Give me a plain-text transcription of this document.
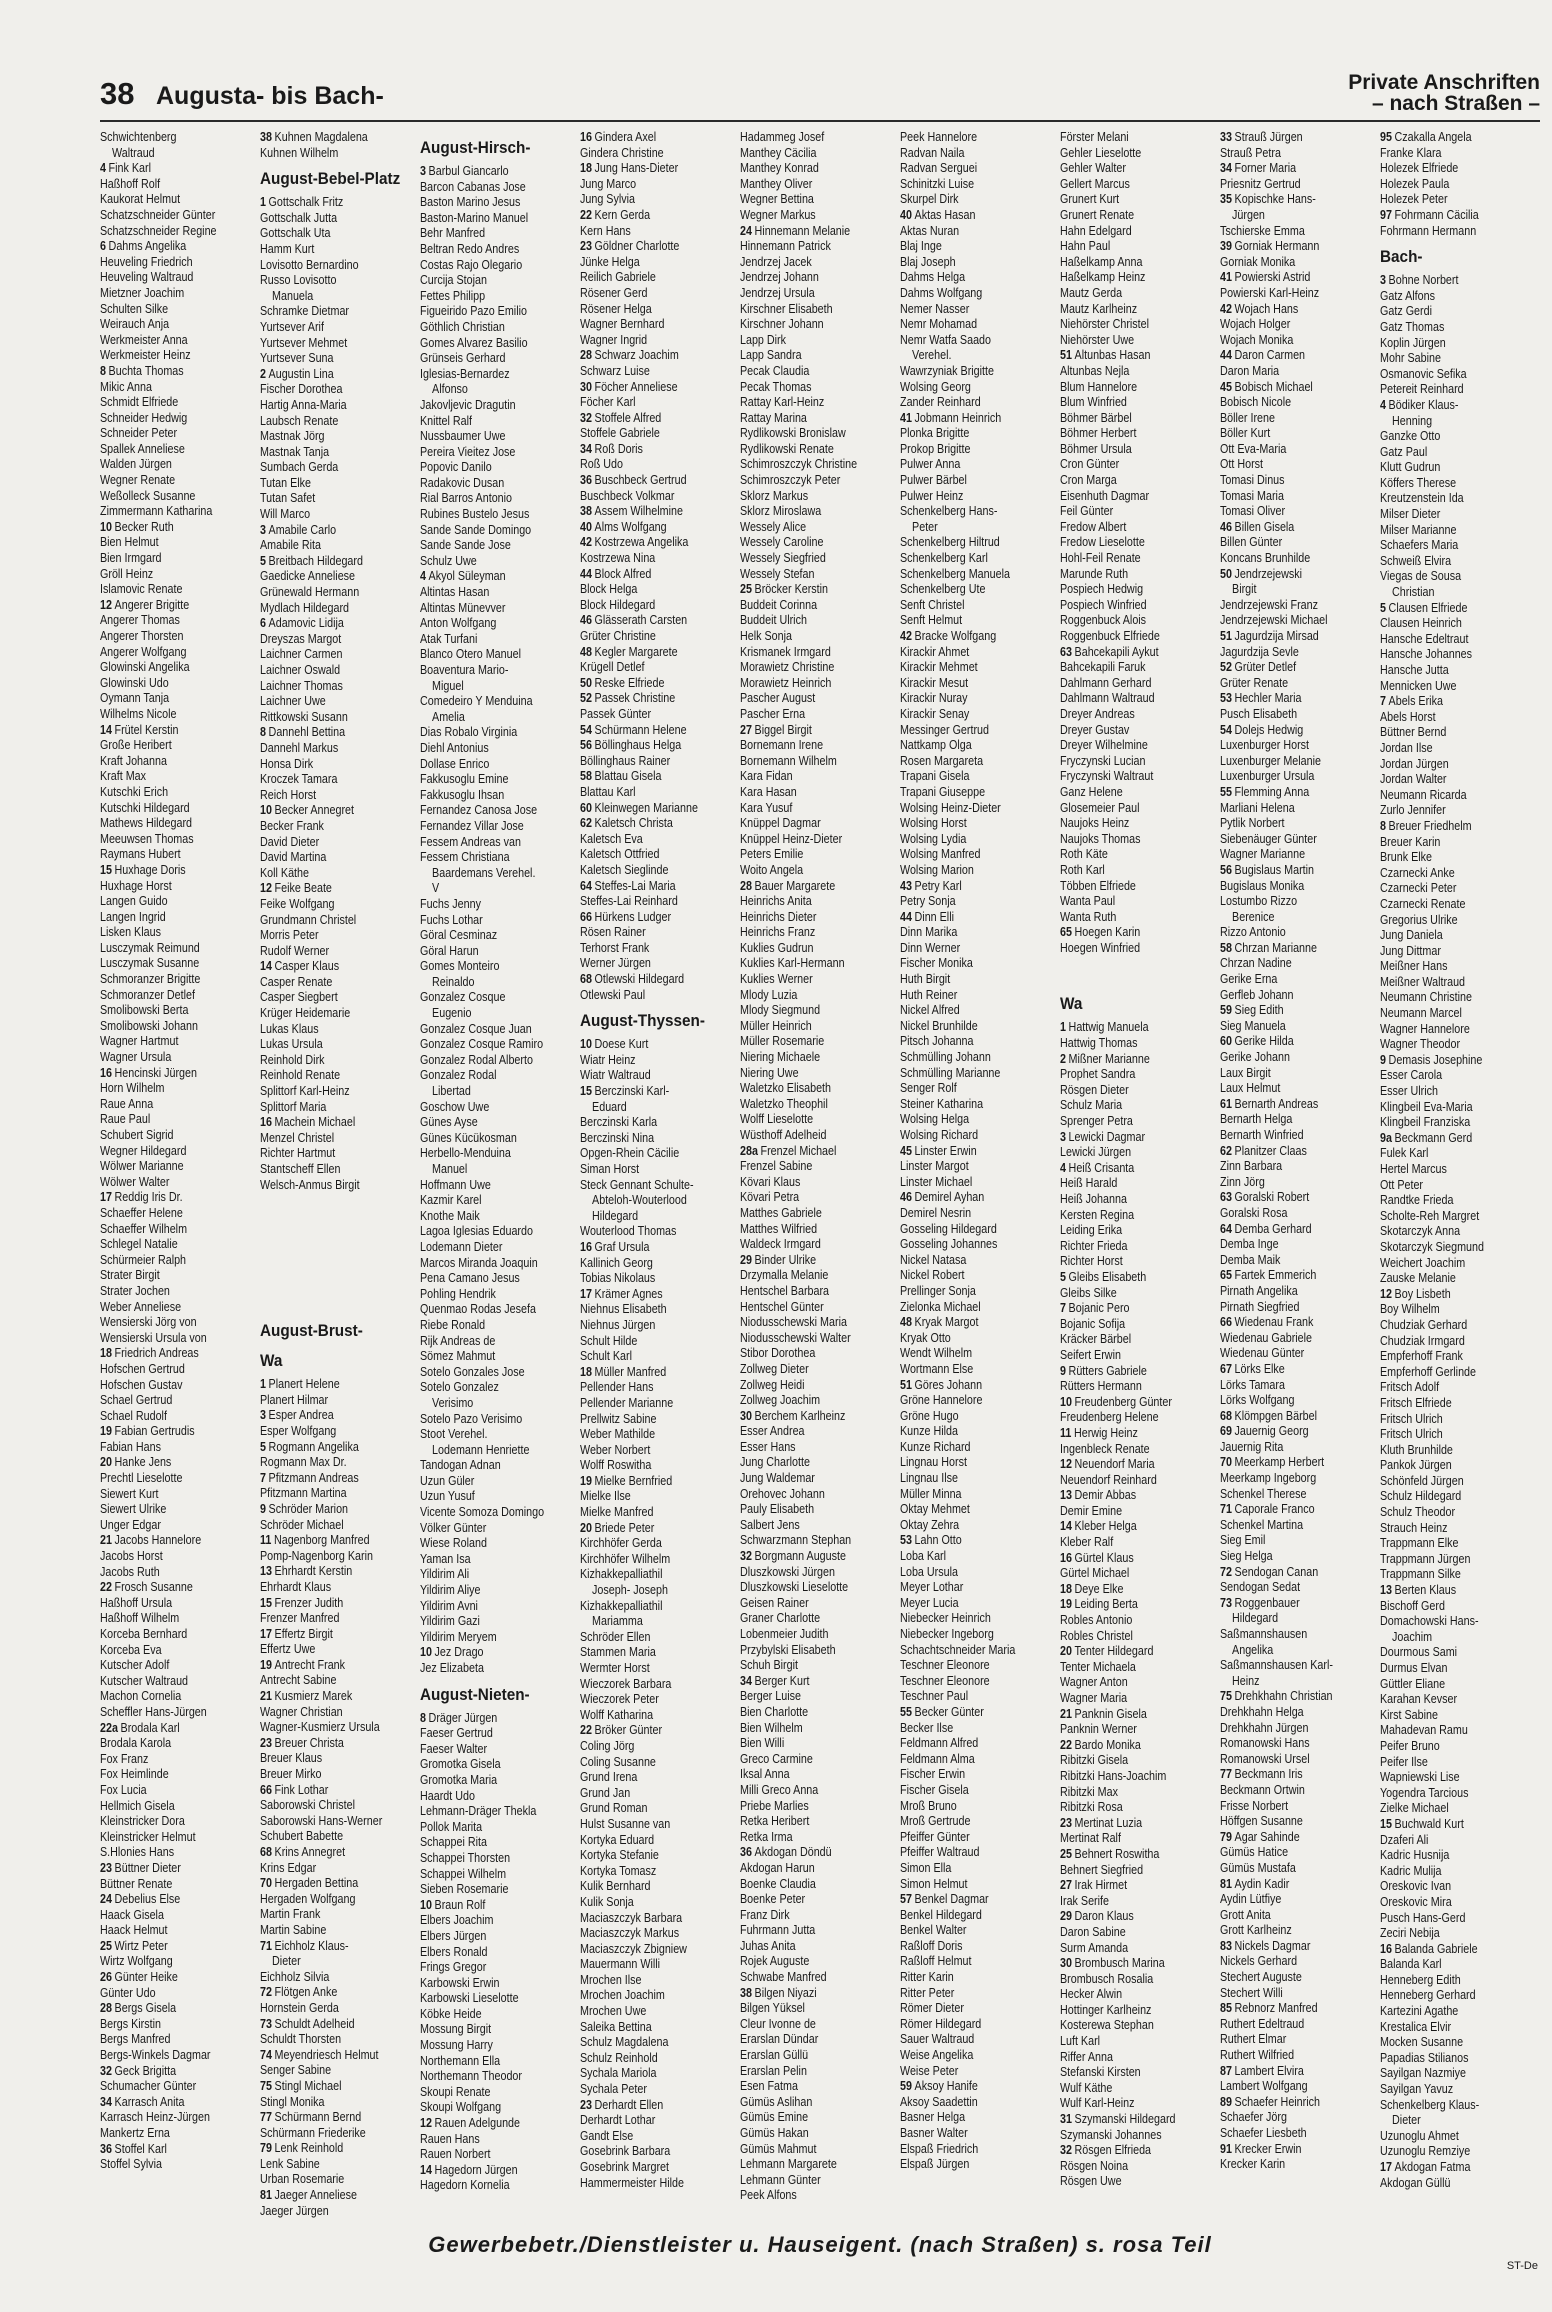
38 Augusta- bis Bach-	Private Anschriften
– nach Straßen –
Schwichtenberg
Waltraud
4 Fink Karl
Haßhoff Rolf
Kaukorat Helmut
Schatzschneider Günter
Schatzschneider Regine
6 Dahms Angelika
Heuveling Friedrich
Heuveling Waltraud
Mietzner Joachim
Schulten Silke
Weirauch Anja
Werkmeister Anna
Werkmeister Heinz
8 Buchta Thomas
Mikic Anna
Schmidt Elfriede
Schneider Hedwig
Schneider Peter
Spallek Anneliese
Walden Jürgen
Wegner Renate
Weßolleck Susanne
Zimmermann Katharina
10 Becker Ruth
Bien Helmut
Bien Irmgard
Gröll Heinz
Islamovic Renate
12 Angerer Brigitte
Angerer Thomas
Angerer Thorsten
Angerer Wolfgang
Glowinski Angelika
Glowinski Udo
Oymann Tanja
Wilhelms Nicole
14 Frütel Kerstin
Große Heribert
Kraft Johanna
Kraft Max
Kutschki Erich
Kutschki Hildegard
Mathews Hildegard
Meeuwsen Thomas
Raymans Hubert
15 Huxhage Doris
Huxhage Horst
Langen Guido
Langen Ingrid
Lisken Klaus
Lusczymak Reimund
Lusczymak Susanne
Schmoranzer Brigitte
Schmoranzer Detlef
Smolibowski Berta
Smolibowski Johann
Wagner Hartmut
Wagner Ursula
16 Hencinski Jürgen
Horn Wilhelm
Raue Anna
Raue Paul
Schubert Sigrid
Wegner Hildegard
Wölwer Marianne
Wölwer Walter
17 Reddig Iris Dr.
Schaeffer Helene
Schaeffer Wilhelm
Schlegel Natalie
Schürmeier Ralph
Strater Birgit
Strater Jochen
Weber Anneliese
Wensierski Jörg von
Wensierski Ursula von
18 Friedrich Andreas
Hofschen Gertrud
Hofschen Gustav
Schael Gertrud
Schael Rudolf
19 Fabian Gertrudis
Fabian Hans
20 Hanke Jens
Prechtl Lieselotte
Siewert Kurt
Siewert Ulrike
Unger Edgar
21 Jacobs Hannelore
Jacobs Horst
Jacobs Ruth
22 Frosch Susanne
Haßhoff Ursula
Haßhoff Wilhelm
Korceba Bernhard
Korceba Eva
Kutscher Adolf
Kutscher Waltraud
Machon Cornelia
Scheffler Hans-Jürgen
22a Brodala Karl
Brodala Karola
Fox Franz
Fox Heimlinde
Fox Lucia
Hellmich Gisela
Kleinstricker Dora
Kleinstricker Helmut
S.Hlonies Hans
23 Büttner Dieter
Büttner Renate
24 Debelius Else
Haack Gisela
Haack Helmut
25 Wirtz Peter
Wirtz Wolfgang
26 Günter Heike
Günter Udo
28 Bergs Gisela
Bergs Kirstin
Bergs Manfred
Bergs-Winkels Dagmar
32 Geck Brigitta
Schumacher Günter
34 Karrasch Anita
Karrasch Heinz-Jürgen
Mankertz Erna
36 Stoffel Karl
Stoffel Sylvia
38 Kuhnen Magdalena
Kuhnen Wilhelm
August-Bebel-Platz
1 Gottschalk Fritz
Gottschalk Jutta
Gottschalk Uta
Hamm Kurt
Lovisotto Bernardino
Russo Lovisotto
Manuela
Schramke Dietmar
Yurtsever Arif
Yurtsever Mehmet
Yurtsever Suna
2 Augustin Lina
Fischer Dorothea
Hartig Anna-Maria
Laubsch Renate
Mastnak Jörg
Mastnak Tanja
Sumbach Gerda
Tutan Elke
Tutan Safet
Will Marco
3 Amabile Carlo
Amabile Rita
5 Breitbach Hildegard
Gaedicke Anneliese
Grünewald Hermann
Mydlach Hildegard
6 Adamovic Lidija
Dreyszas Margot
Laichner Carmen
Laichner Oswald
Laichner Thomas
Laichner Uwe
Rittkowski Susann
8 Dannehl Bettina
Dannehl Markus
Honsa Dirk
Kroczek Tamara
Reich Horst
10 Becker Annegret
Becker Frank
David Dieter
David Martina
Koll Käthe
12 Feike Beate
Feike Wolfgang
Grundmann Christel
Morris Peter
Rudolf Werner
14 Casper Klaus
Casper Renate
Casper Siegbert
Krüger Heidemarie
Lukas Klaus
Lukas Ursula
Reinhold Dirk
Reinhold Renate
Splittorf Karl-Heinz
Splittorf Maria
16 Machein Michael
Menzel Christel
Richter Hartmut
Stantscheff Ellen
Welsch-Anmus Birgit

August-Brust-
Wa
1 Planert Helene
Planert Hilmar
3 Esper Andrea
Esper Wolfgang
5 Rogmann Angelika
Rogmann Max Dr.
7 Pfitzmann Andreas
Pfitzmann Martina
9 Schröder Marion
Schröder Michael
11 Nagenborg Manfred
Pomp-Nagenborg Karin
13 Ehrhardt Kerstin
Ehrhardt Klaus
15 Frenzer Judith
Frenzer Manfred
17 Effertz Birgit
Effertz Uwe
19 Antrecht Frank
Antrecht Sabine
21 Kusmierz Marek
Wagner Christian
Wagner-Kusmierz Ursula
23 Breuer Christa
Breuer Klaus
Breuer Mirko
66 Fink Lothar
Saborowski Christel
Saborowski Hans-Werner
Schubert Babette
68 Krins Annegret
Krins Edgar
70 Hergaden Bettina
Hergaden Wolfgang
Martin Frank
Martin Sabine
71 Eichholz Klaus-
Dieter
Eichholz Silvia
72 Flötgen Anke
Hornstein Gerda
73 Schuldt Adelheid
Schuldt Thorsten
74 Meyendriesch Helmut
Senger Sabine
75 Stingl Michael
Stingl Monika
77 Schürmann Bernd
Schürmann Friederike
79 Lenk Reinhold
Lenk Sabine
Urban Rosemarie
81 Jaeger Anneliese
Jaeger Jürgen
August-Hirsch-
3 Barbul Giancarlo
Barcon Cabanas Jose
Baston Marino Jesus
Baston-Marino Manuel
Behr Manfred
Beltran Redo Andres
Costas Rajo Olegario
Curcija Stojan
Fettes Philipp
Figueirido Pazo Emilio
Göthlich Christian
Gomes Alvarez Basilio
Grünseis Gerhard
Iglesias-Bernardez
Alfonso
Jakovljevic Dragutin
Knittel Ralf
Nussbaumer Uwe
Pereira Vieitez Jose
Popovic Danilo
Radakovic Dusan
Rial Barros Antonio
Rubines Bustelo Jesus
Sande Sande Domingo
Sande Sande Jose
Schulz Uwe
4 Akyol Süleyman
Altintas Hasan
Altintas Münevver
Anton Wolfgang
Atak Turfani
Blanco Otero Manuel
Boaventura Mario-
Miguel
Comedeiro Y Menduina
Amelia
Dias Robalo Virginia
Diehl Antonius
Dollase Enrico
Fakkusoglu Emine
Fakkusoglu Ihsan
Fernandez Canosa Jose
Fernandez Villar Jose
Fessem Andreas van
Fessem Christiana
Baardemans Verehel.
V
Fuchs Jenny
Fuchs Lothar
Göral Cesminaz
Göral Harun
Gomes Monteiro
Reinaldo
Gonzalez Cosque
Eugenio
Gonzalez Cosque Juan
Gonzalez Cosque Ramiro
Gonzalez Rodal Alberto
Gonzalez Rodal
Libertad
Goschow Uwe
Günes Ayse
Günes Kücükosman
Herbello-Menduina
Manuel
Hoffmann Uwe
Kazmir Karel
Knothe Maik
Lagoa Iglesias Eduardo
Lodemann Dieter
Marcos Miranda Joaquin
Pena Camano Jesus
Pohling Hendrik
Quenmao Rodas Jesefa
Riebe Ronald
Rijk Andreas de
Sömez Mahmut
Sotelo Gonzales Jose
Sotelo Gonzalez
Verisimo
Sotelo Pazo Verisimo
Stoot Verehel.
Lodemann Henriette
Tandogan Adnan
Uzun Güler
Uzun Yusuf
Vicente Somoza Domingo
Völker Günter
Wiese Roland
Yaman Isa
Yildirim Ali
Yildirim Aliye
Yildirim Avni
Yildirim Gazi
Yildirim Meryem
10 Jez Drago
Jez Elizabeta
August-Nieten-
8 Dräger Jürgen
Faeser Gertrud
Faeser Walter
Gromotka Gisela
Gromotka Maria
Haardt Udo
Lehmann-Dräger Thekla
Pollok Marita
Schappei Rita
Schappei Thorsten
Schappei Wilhelm
Sieben Rosemarie
10 Braun Rolf
Elbers Joachim
Elbers Jürgen
Elbers Ronald
Frings Gregor
Karbowski Erwin
Karbowski Lieselotte
Köbke Heide
Mossung Birgit
Mossung Harry
Northemann Ella
Northemann Theodor
Skoupi Renate
Skoupi Wolfgang
12 Rauen Adelgunde
Rauen Hans
Rauen Norbert
14 Hagedorn Jürgen
Hagedorn Kornelia
16 Gindera Axel
Gindera Christine
18 Jung Hans-Dieter
Jung Marco
Jung Sylvia
22 Kern Gerda
Kern Hans
23 Göldner Charlotte
Jünke Helga
Reilich Gabriele
Rösener Gerd
Rösener Helga
Wagner Bernhard
Wagner Ingrid
28 Schwarz Joachim
Schwarz Luise
30 Föcher Anneliese
Föcher Karl
32 Stoffele Alfred
Stoffele Gabriele
34 Roß Doris
Roß Udo
36 Buschbeck Gertrud
Buschbeck Volkmar
38 Assem Wilhelmine
40 Alms Wolfgang
42 Kostrzewa Angelika
Kostrzewa Nina
44 Block Alfred
Block Helga
Block Hildegard
46 Glässerath Carsten
Grüter Christine
48 Kegler Margarete
Krügell Detlef
50 Reske Elfriede
52 Passek Christine
Passek Günter
54 Schürmann Helene
56 Böllinghaus Helga
Böllinghaus Rainer
58 Blattau Gisela
Blattau Karl
60 Kleinwegen Marianne
62 Kaletsch Christa
Kaletsch Eva
Kaletsch Ottfried
Kaletsch Sieglinde
64 Steffes-Lai Maria
Steffes-Lai Reinhard
66 Hürkens Ludger
Rösen Rainer
Terhorst Frank
Werner Jürgen
68 Otlewski Hildegard
Otlewski Paul
August-Thyssen-
10 Doese Kurt
Wiatr Heinz
Wiatr Waltraud
15 Berczinski Karl-
Eduard
Berczinski Karla
Berczinski Nina
Opgen-Rhein Cäcilie
Siman Horst
Steck Gennant Schulte-
Abteloh-Wouterlood
Hildegard
Wouterlood Thomas
16 Graf Ursula
Kallinich Georg
Tobias Nikolaus
17 Krämer Agnes
Niehnus Elisabeth
Niehnus Jürgen
Schult Hilde
Schult Karl
18 Müller Manfred
Pellender Hans
Pellender Marianne
Prellwitz Sabine
Weber Mathilde
Weber Norbert
Wolff Roswitha
19 Mielke Bernfried
Mielke Ilse
Mielke Manfred
20 Briede Peter
Kirchhöfer Gerda
Kirchhöfer Wilhelm
Kizhakkepalliathil
Joseph- Joseph
Kizhakkepalliathil
Mariamma
Schröder Ellen
Stammen Maria
Wermter Horst
Wieczorek Barbara
Wieczorek Peter
Wolff Katharina
22 Bröker Günter
Coling Jörg
Coling Susanne
Grund Irena
Grund Jan
Grund Roman
Hulst Susanne van
Kortyka Eduard
Kortyka Stefanie
Kortyka Tomasz
Kulik Bernhard
Kulik Sonja
Maciaszczyk Barbara
Maciaszczyk Markus
Maciaszczyk Zbigniew
Mauermann Willi
Mrochen Ilse
Mrochen Joachim
Mrochen Uwe
Saleika Bettina
Schulz Magdalena
Schulz Reinhold
Sychala Mariola
Sychala Peter
23 Derhardt Ellen
Derhardt Lothar
Gandt Else
Gosebrink Barbara
Gosebrink Margret
Hammermeister Hilde
Hadammeg Josef
Manthey Cäcilia
Manthey Konrad
Manthey Oliver
Wegner Bettina
Wegner Markus
24 Hinnemann Melanie
Hinnemann Patrick
Jendrzej Jacek
Jendrzej Johann
Jendrzej Ursula
Kirschner Elisabeth
Kirschner Johann
Lapp Dirk
Lapp Sandra
Pecak Claudia
Pecak Thomas
Rattay Karl-Heinz
Rattay Marina
Rydlikowski Bronislaw
Rydlikowski Renate
Schimroszczyk Christine
Schimroszczyk Peter
Sklorz Markus
Sklorz Miroslawa
Wessely Alice
Wessely Caroline
Wessely Siegfried
Wessely Stefan
25 Bröcker Kerstin
Buddeit Corinna
Buddeit Ulrich
Helk Sonja
Krismanek Irmgard
Morawietz Christine
Morawietz Heinrich
Pascher August
Pascher Erna
27 Biggel Birgit
Bornemann Irene
Bornemann Wilhelm
Kara Fidan
Kara Hasan
Kara Yusuf
Knüppel Dagmar
Knüppel Heinz-Dieter
Peters Emilie
Woito Angela
28 Bauer Margarete
Heinrichs Anita
Heinrichs Dieter
Heinrichs Franz
Kuklies Gudrun
Kuklies Karl-Hermann
Kuklies Werner
Mlody Luzia
Mlody Siegmund
Müller Heinrich
Müller Rosemarie
Niering Michaele
Niering Uwe
Waletzko Elisabeth
Waletzko Theophil
Wolff Lieselotte
Wüsthoff Adelheid
28a Frenzel Michael
Frenzel Sabine
Kövari Klaus
Kövari Petra
Matthes Gabriele
Matthes Wilfried
Waldeck Irmgard
29 Binder Ulrike
Drzymalla Melanie
Hentschel Barbara
Hentschel Günter
Niodusschewski Maria
Niodusschewski Walter
Stibor Dorothea
Zollweg Dieter
Zollweg Heidi
Zollweg Joachim
30 Berchem Karlheinz
Esser Andrea
Esser Hans
Jung Charlotte
Jung Waldemar
Orehovec Johann
Pauly Elisabeth
Salbert Jens
Schwarzmann Stephan
32 Borgmann Auguste
Dluszkowski Jürgen
Dluszkowski Lieselotte
Geisen Rainer
Graner Charlotte
Lobenmeier Judith
Przybylski Elisabeth
Schuh Birgit
34 Berger Kurt
Berger Luise
Bien Charlotte
Bien Wilhelm
Bien Willi
Greco Carmine
Iksal Anna
Milli Greco Anna
Priebe Marlies
Retka Heribert
Retka Irma
36 Akdogan Döndü
Akdogan Harun
Boenke Claudia
Boenke Peter
Franz Dirk
Fuhrmann Jutta
Juhas Anita
Rojek Auguste
Schwabe Manfred
38 Bilgen Niyazi
Bilgen Yüksel
Cleur Ivonne de
Erarslan Dündar
Erarslan Güllü
Erarslan Pelin
Esen Fatma
Gümüs Aslihan
Gümüs Emine
Gümüs Hakan
Gümüs Mahmut
Lehmann Margarete
Lehmann Günter
Peek Alfons
Peek Hannelore
Radvan Naila
Radvan Serguei
Schinitzki Luise
Skurpel Dirk
40 Aktas Hasan
Aktas Nuran
Blaj Inge
Blaj Joseph
Dahms Helga
Dahms Wolfgang
Nemer Nasser
Nemr Mohamad
Nemr Watfa Saado
Verehel.
Wawrzyniak Brigitte
Wolsing Georg
Zander Reinhard
41 Jobmann Heinrich
Plonka Brigitte
Prokop Brigitte
Pulwer Anna
Pulwer Bärbel
Pulwer Heinz
Schenkelberg Hans-
Peter
Schenkelberg Hiltrud
Schenkelberg Karl
Schenkelberg Manuela
Schenkelberg Ute
Senft Christel
Senft Helmut
42 Bracke Wolfgang
Kirackir Ahmet
Kirackir Mehmet
Kirackir Mesut
Kirackir Nuray
Kirackir Senay
Messinger Gertrud
Nattkamp Olga
Rosen Margareta
Trapani Gisela
Trapani Giuseppe
Wolsing Heinz-Dieter
Wolsing Horst
Wolsing Lydia
Wolsing Manfred
Wolsing Marion
43 Petry Karl
Petry Sonja
44 Dinn Elli
Dinn Marika
Dinn Werner
Fischer Monika
Huth Birgit
Huth Reiner
Nickel Alfred
Nickel Brunhilde
Pitsch Johanna
Schmülling Johann
Schmülling Marianne
Senger Rolf
Steiner Katharina
Wolsing Helga
Wolsing Richard
45 Linster Erwin
Linster Margot
Linster Michael
46 Demirel Ayhan
Demirel Nesrin
Gosseling Hildegard
Gosseling Johannes
Nickel Natasa
Nickel Robert
Prellinger Sonja
Zielonka Michael
48 Kryak Margot
Kryak Otto
Wendt Wilhelm
Wortmann Else
51 Göres Johann
Gröne Hannelore
Gröne Hugo
Kunze Hilda
Kunze Richard
Lingnau Horst
Lingnau Ilse
Müller Minna
Oktay Mehmet
Oktay Zehra
53 Lahn Otto
Loba Karl
Loba Ursula
Meyer Lothar
Meyer Lucia
Niebecker Heinrich
Niebecker Ingeborg
Schachtschneider Maria
Teschner Eleonore
Teschner Eleonore
Teschner Paul
55 Becker Günter
Becker Ilse
Feldmann Alfred
Feldmann Alma
Fischer Erwin
Fischer Gisela
Mroß Bruno
Mroß Gertrude
Pfeiffer Günter
Pfeiffer Waltraud
Simon Ella
Simon Helmut
57 Benkel Dagmar
Benkel Hildegard
Benkel Walter
Raßloff Doris
Raßloff Helmut
Ritter Karin
Ritter Peter
Römer Dieter
Römer Hildegard
Sauer Waltraud
Weise Angelika
Weise Peter
59 Aksoy Hanife
Aksoy Saadettin
Basner Helga
Basner Walter
Elspaß Friedrich
Elspaß Jürgen
Förster Melani
Gehler Lieselotte
Gehler Walter
Gellert Marcus
Grunert Kurt
Grunert Renate
Hahn Edelgard
Hahn Paul
Haßelkamp Anna
Haßelkamp Heinz
Mautz Gerda
Mautz Karlheinz
Niehörster Christel
Niehörster Uwe
51 Altunbas Hasan
Altunbas Nejla
Blum Hannelore
Blum Winfried
Böhmer Bärbel
Böhmer Herbert
Böhmer Ursula
Cron Günter
Cron Marga
Eisenhuth Dagmar
Feil Günter
Fredow Albert
Fredow Lieselotte
Hohl-Feil Renate
Marunde Ruth
Pospiech Hedwig
Pospiech Winfried
Roggenbuck Alois
Roggenbuck Elfriede
63 Bahcekapili Aykut
Bahcekapili Faruk
Dahlmann Gerhard
Dahlmann Waltraud
Dreyer Andreas
Dreyer Gustav
Dreyer Wilhelmine
Fryczynski Lucian
Fryczynski Waltraut
Ganz Helene
Glosemeier Paul
Naujoks Heinz
Naujoks Thomas
Roth Käte
Roth Karl
Többen Elfriede
Wanta Paul
Wanta Ruth
65 Hoegen Karin
Hoegen Winfried

Wa
1 Hattwig Manuela
Hattwig Thomas
2 Mißner Marianne
Prophet Sandra
Rösgen Dieter
Schulz Maria
Sprenger Petra
3 Lewicki Dagmar
Lewicki Jürgen
4 Heiß Crisanta
Heiß Harald
Heiß Johanna
Kersten Regina
Leiding Erika
Richter Frieda
Richter Horst
5 Gleibs Elisabeth
Gleibs Silke
7 Bojanic Pero
Bojanic Sofija
Kräcker Bärbel
Seifert Erwin
9 Rütters Gabriele
Rütters Hermann
10 Freudenberg Günter
Freudenberg Helene
11 Herwig Heinz
Ingenbleck Renate
12 Neuendorf Maria
Neuendorf Reinhard
13 Demir Abbas
Demir Emine
14 Kleber Helga
Kleber Ralf
16 Gürtel Klaus
Gürtel Michael
18 Deye Elke
19 Leiding Berta
Robles Antonio
Robles Christel
20 Tenter Hildegard
Tenter Michaela
Wagner Anton
Wagner Maria
21 Panknin Gisela
Panknin Werner
22 Bardo Monika
Ribitzki Gisela
Ribitzki Hans-Joachim
Ribitzki Max
Ribitzki Rosa
23 Mertinat Luzia
Mertinat Ralf
25 Behnert Roswitha
Behnert Siegfried
27 Irak Hirmet
Irak Serife
29 Daron Klaus
Daron Sabine
Surm Amanda
30 Brombusch Marina
Brombusch Rosalia
Hecker Alwin
Hottinger Karlheinz
Kosterewa Stephan
Luft Karl
Riffer Anna
Stefanski Kirsten
Wulf Käthe
Wulf Karl-Heinz
31 Szymanski Hildegard
Szymanski Johannes
32 Rösgen Elfrieda
Rösgen Noina
Rösgen Uwe
33 Strauß Jürgen
Strauß Petra
34 Forner Maria
Priesnitz Gertrud
35 Kopischke Hans-
Jürgen
Tschierske Emma
39 Gorniak Hermann
Gorniak Monika
41 Powierski Astrid
Powierski Karl-Heinz
42 Wojach Hans
Wojach Holger
Wojach Monika
44 Daron Carmen
Daron Maria
45 Bobisch Michael
Bobisch Nicole
Böller Irene
Böller Kurt
Ott Eva-Maria
Ott Horst
Tomasi Dinus
Tomasi Maria
Tomasi Oliver
46 Billen Gisela
Billen Günter
Koncans Brunhilde
50 Jendrzejewski
Birgit
Jendrzejewski Franz
Jendrzejewski Michael
51 Jagurdzija Mirsad
Jagurdzija Sevle
52 Grüter Detlef
Grüter Renate
53 Hechler Maria
Pusch Elisabeth
54 Dolejs Hedwig
Luxenburger Horst
Luxenburger Melanie
Luxenburger Ursula
55 Flemming Anna
Marliani Helena
Pytlik Norbert
Siebenäuger Günter
Wagner Marianne
56 Bugislaus Martin
Bugislaus Monika
Lostumbo Rizzo
Berenice
Rizzo Antonio
58 Chrzan Marianne
Chrzan Nadine
Gerike Erna
Gerfleb Johann
59 Sieg Edith
Sieg Manuela
60 Gerike Hilda
Gerike Johann
Laux Birgit
Laux Helmut
61 Bernarth Andreas
Bernarth Helga
Bernarth Winfried
62 Planitzer Claas
Zinn Barbara
Zinn Jörg
63 Goralski Robert
Goralski Rosa
64 Demba Gerhard
Demba Inge
Demba Maik
65 Fartek Emmerich
Pirnath Angelika
Pirnath Siegfried
66 Wiedenau Frank
Wiedenau Gabriele
Wiedenau Günter
67 Lörks Elke
Lörks Tamara
Lörks Wolfgang
68 Klömpgen Bärbel
69 Jauernig Georg
Jauernig Rita
70 Meerkamp Herbert
Meerkamp Ingeborg
Schenkel Therese
71 Caporale Franco
Schenkel Martina
Sieg Emil
Sieg Helga
72 Sendogan Canan
Sendogan Sedat
73 Roggenbauer
Hildegard
Saßmannshausen
Angelika
Saßmannshausen Karl-
Heinz
75 Drehkhahn Christian
Drehkhahn Helga
Drehkhahn Jürgen
Romanowski Hans
Romanowski Ursel
77 Beckmann Iris
Beckmann Ortwin
Frisse Norbert
Höffgen Susanne
79 Agar Sahinde
Gümüs Hatice
Gümüs Mustafa
81 Aydin Kadir
Aydin Lütfiye
Grott Anita
Grott Karlheinz
83 Nickels Dagmar
Nickels Gerhard
Stechert Auguste
Stechert Willi
85 Rebnorz Manfred
Ruthert Edeltraud
Ruthert Elmar
Ruthert Wilfried
87 Lambert Elvira
Lambert Wolfgang
89 Schaefer Heinrich
Schaefer Jörg
Schaefer Liesbeth
91 Krecker Erwin
Krecker Karin
95 Czakalla Angela
Franke Klara
Holezek Elfriede
Holezek Paula
Holezek Peter
97 Fohrmann Cäcilia
Fohrmann Hermann
Bach-
3 Bohne Norbert
Gatz Alfons
Gatz Gerdi
Gatz Thomas
Koplin Jürgen
Mohr Sabine
Osmanovic Sefika
Petereit Reinhard
4 Bödiker Klaus-
Henning
Ganzke Otto
Gatz Paul
Klutt Gudrun
Köffers Therese
Kreutzenstein Ida
Milser Dieter
Milser Marianne
Schaefers Maria
Schweiß Elvira
Viegas de Sousa
Christian
5 Clausen Elfriede
Clausen Heinrich
Hansche Edeltraut
Hansche Johannes
Hansche Jutta
Mennicken Uwe
7 Abels Erika
Abels Horst
Büttner Bernd
Jordan Ilse
Jordan Jürgen
Jordan Walter
Neumann Ricarda
Zurlo Jennifer
8 Breuer Friedhelm
Breuer Karin
Brunk Elke
Czarnecki Anke
Czarnecki Peter
Czarnecki Renate
Gregorius Ulrike
Jung Daniela
Jung Dittmar
Meißner Hans
Meißner Waltraud
Neumann Christine
Neumann Marcel
Wagner Hannelore
Wagner Theodor
9 Demasis Josephine
Esser Carola
Esser Ulrich
Klingbeil Eva-Maria
Klingbeil Franziska
9a Beckmann Gerd
Fulek Karl
Hertel Marcus
Ott Peter
Randtke Frieda
Scholte-Reh Margret
Skotarczyk Anna
Skotarczyk Siegmund
Weichert Joachim
Zauske Melanie
12 Boy Lisbeth
Boy Wilhelm
Chudziak Gerhard
Chudziak Irmgard
Empferhoff Frank
Empferhoff Gerlinde
Fritsch Adolf
Fritsch Elfriede
Fritsch Ulrich
Fritsch Ulrich
Kluth Brunhilde
Pankok Jürgen
Schönfeld Jürgen
Schulz Hildegard
Schulz Theodor
Strauch Heinz
Trappmann Elke
Trappmann Jürgen
Trappmann Silke
13 Berten Klaus
Bischoff Gerd
Domachowski Hans-
Joachim
Dourmous Sami
Durmus Elvan
Güttler Eliane
Karahan Kevser
Kirst Sabine
Mahadevan Ramu
Peifer Bruno
Peifer Ilse
Wapniewski Lise
Yogendra Tarcious
Zielke Michael
15 Buchwald Kurt
Dzaferi Ali
Kadric Husnija
Kadric Mulija
Oreskovic Ivan
Oreskovic Mira
Pusch Hans-Gerd
Zeciri Nebija
16 Balanda Gabriele
Balanda Karl
Henneberg Edith
Henneberg Gerhard
Kartezini Agathe
Krestalica Elvir
Mocken Susanne
Papadias Stilianos
Sayilgan Nazmiye
Sayilgan Yavuz
Schenkelberg Klaus-
Dieter
Uzunoglu Ahmet
Uzunoglu Remziye
17 Akdogan Fatma
Akdogan Güllü
Gewerbebetr./Dienstleister u. Hauseigent. (nach Straßen) s. rosa Teil
ST-De
